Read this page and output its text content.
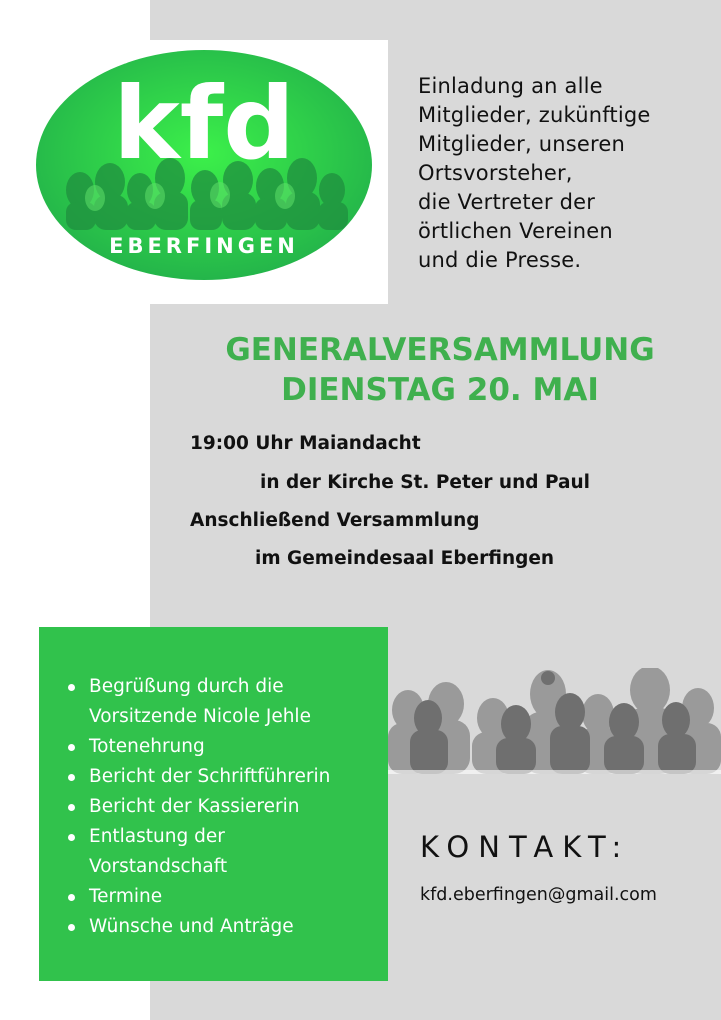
kfd
EBERFINGEN
Einladung an alle
Mitglieder, zukünftige
Mitglieder, unseren
Ortsvorsteher,
die Vertreter der
örtlichen Vereinen
und die Presse.
GENERALVERSAMMLUNG
DIENSTAG 20. MAI
19:00 Uhr Maiandacht
in der Kirche St. Peter und Paul
Anschließend Versammlung
im Gemeindesaal Eberfingen
Begrüßung durch die
Vorsitzende Nicole Jehle
Totenehrung
Bericht der Schriftführerin
Bericht der Kassiererin
Entlastung der
Vorstandschaft
Termine
Wünsche und Anträge
KONTAKT:
kfd.eberfingen@gmail.com
